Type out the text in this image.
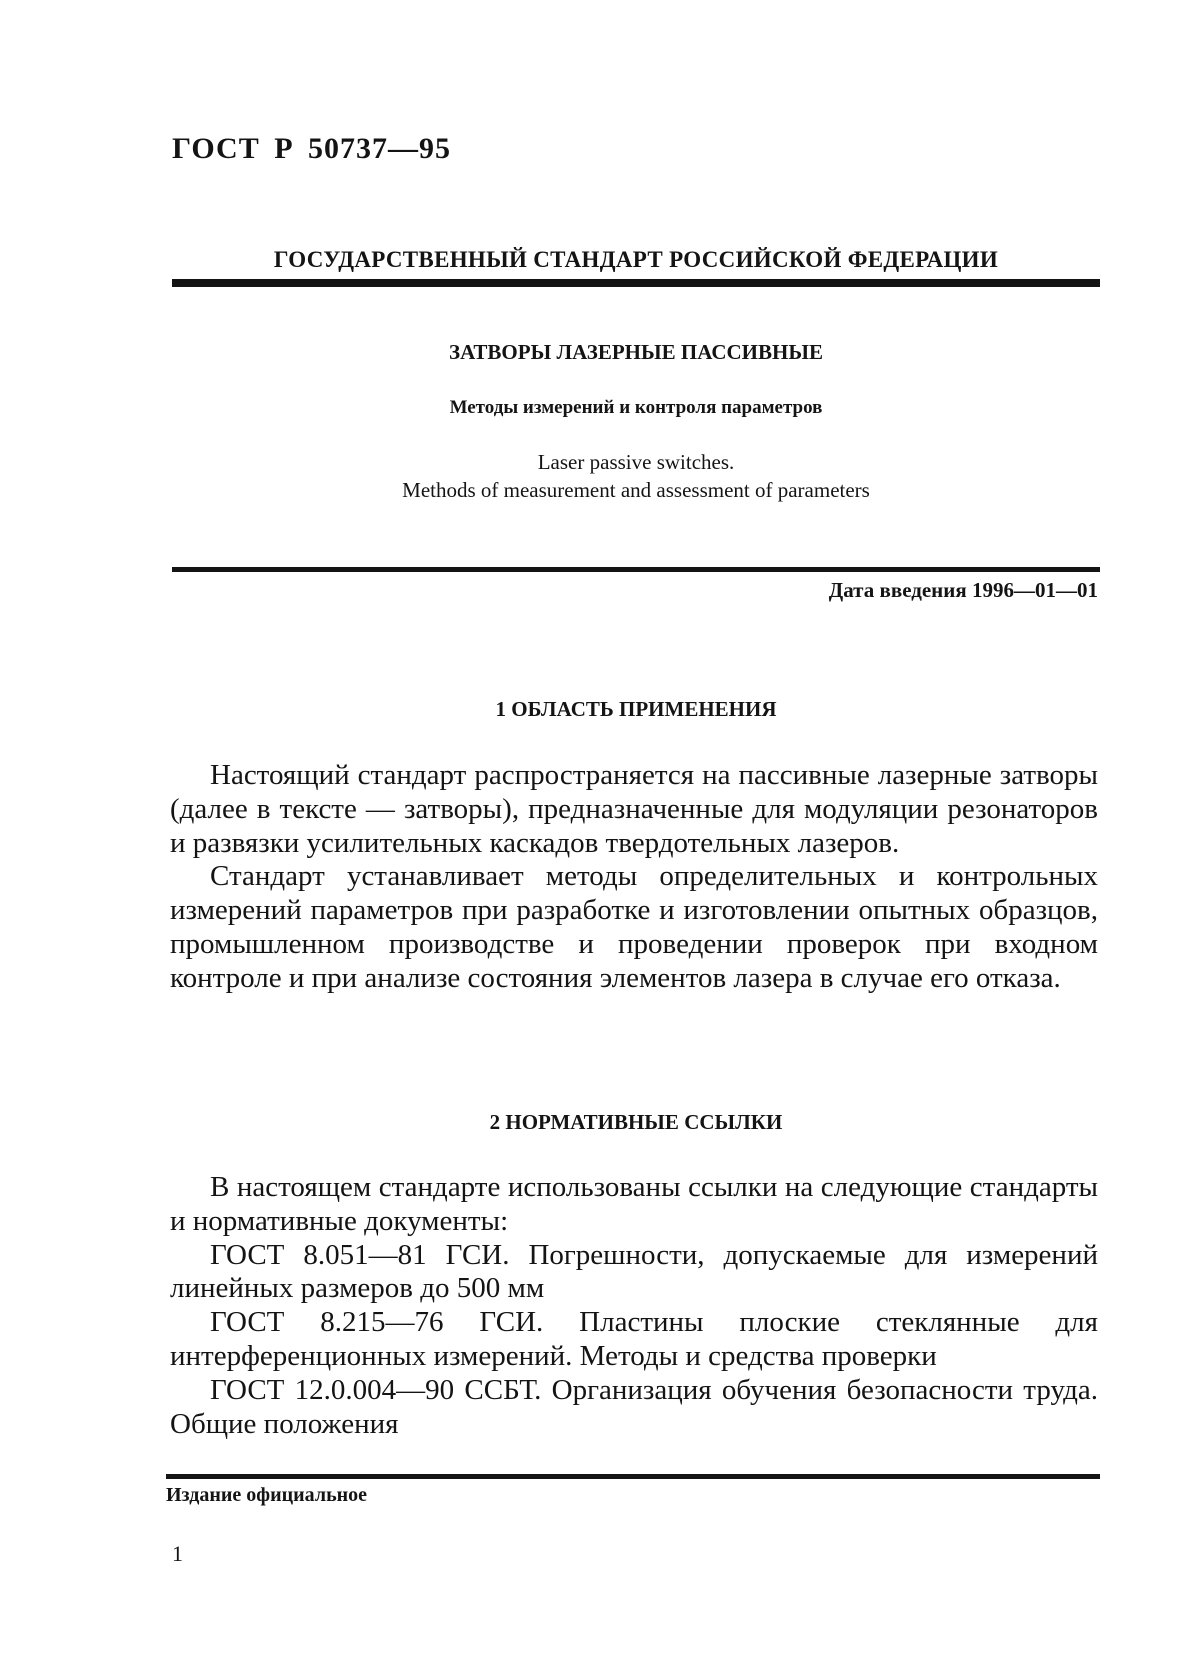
ГОСТ Р 50737—95
ГОСУДАРСТВЕННЫЙ СТАНДАРТ РОССИЙСКОЙ ФЕДЕРАЦИИ
ЗАТВОРЫ ЛАЗЕРНЫЕ ПАССИВНЫЕ
Методы измерений и контроля параметров
Laser passive switches.
Methods of measurement and assessment of parameters
Дата введения 1996—01—01
1 ОБЛАСТЬ ПРИМЕНЕНИЯ

Настоящий стандарт распространяется на пассивные лазерные затворы (далее в тексте — затворы), предназначенные для модуляции резонаторов и развязки усилительных каскадов твердотельных лазеров.

Стандарт устанавливает методы определительных и контрольных измерений параметров при разработке и изготовлении опытных образцов, промышленном производстве и проведении проверок при входном контроле и при анализе состояния элементов лазера в случае его отказа.

2 НОРМАТИВНЫЕ ССЫЛКИ

В настоящем стандарте использованы ссылки на следующие стандарты и нормативные документы:

ГОСТ 8.051—81 ГСИ. Погрешности, допускаемые для измерений линейных размеров до 500 мм

ГОСТ 8.215—76 ГСИ. Пластины плоские стеклянные для интерференционных измерений. Методы и средства проверки

ГОСТ 12.0.004—90 ССБТ. Организация обучения безопасности труда. Общие положения

Издание официальное
1
